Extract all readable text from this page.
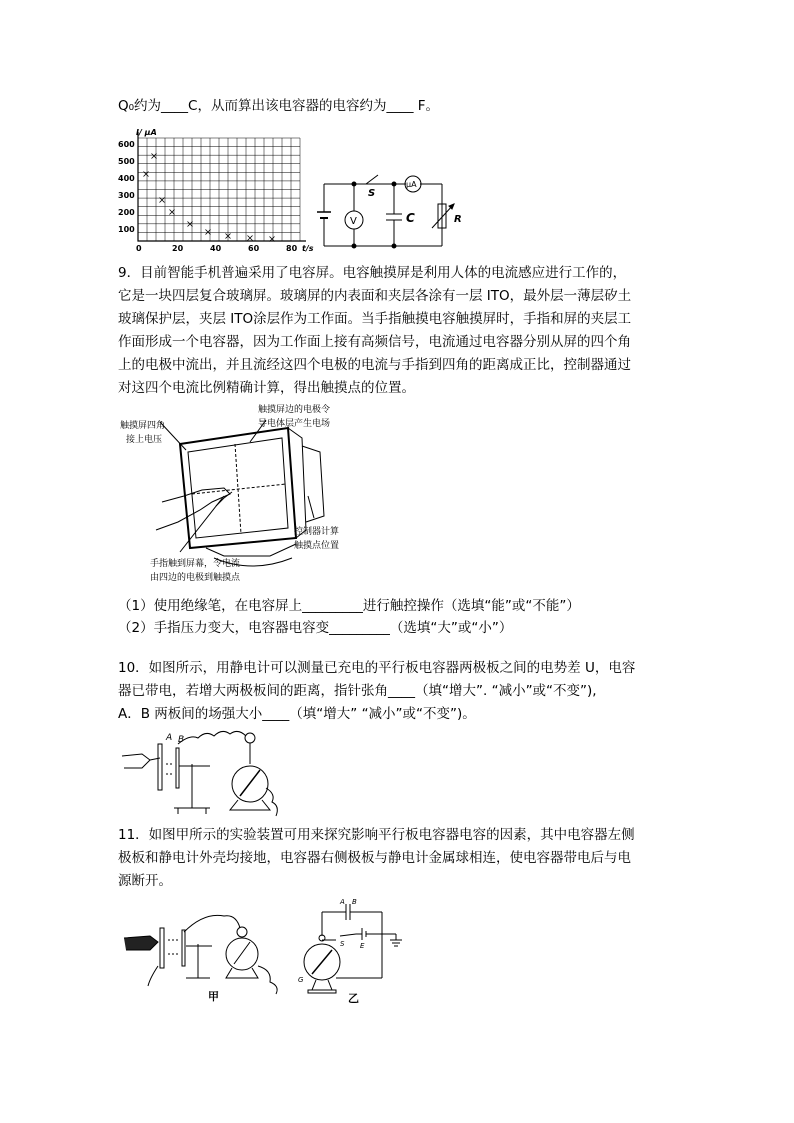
Q₀约为____C，从而算出该电容器的电容约为____ F。
I/ μA
600
500
400
300
200
100
0	20	40	60	80 t/s
S
V
μA
C	R
9．目前智能手机普遍采用了电容屏。电容触摸屏是利用人体的电流感应进行工作的，
它是一块四层复合玻璃屏。玻璃屏的内表面和夹层各涂有一层 ITO，最外层一薄层矽土
玻璃保护层，夹层 ITO涂层作为工作面。当手指触摸电容触摸屏时，手指和屏的夹层工
作面形成一个电容器，因为工作面上接有高频信号，电流通过电容器分别从屏的四个角
上的电极中流出，并且流经这四个电极的电流与手指到四角的距离成正比，控制器通过
对这四个电流比例精确计算，得出触摸点的位置。
触摸屏四角
接上电压
触摸屏边的电极令
导电体层产生电场
控制器计算
触摸点位置
手指触到屏幕，令电流
由四边的电极到触摸点
（1）使用绝缘笔，在电容屏上_________进行触控操作（选填“能”或“不能”）
（2）手指压力变大，电容器电容变_________（选填“大”或“小”）
10．如图所示，用静电计可以测量已充电的平行板电容器两极板之间的电势差 U，电容
器已带电，若增大两极板间的距离，指针张角____（填“增大”. “减小”或“不变”),
A．B 两板间的场强大小____（填“增大” “减小”或“不变”)。
A B
11．如图甲所示的实验装置可用来探究影响平行板电容器电容的因素，其中电容器左侧
极板和静电计外壳均接地，电容器右侧极板与静电计金属球相连，使电容器带电后与电
源断开。
甲
A B
S E
G
乙
